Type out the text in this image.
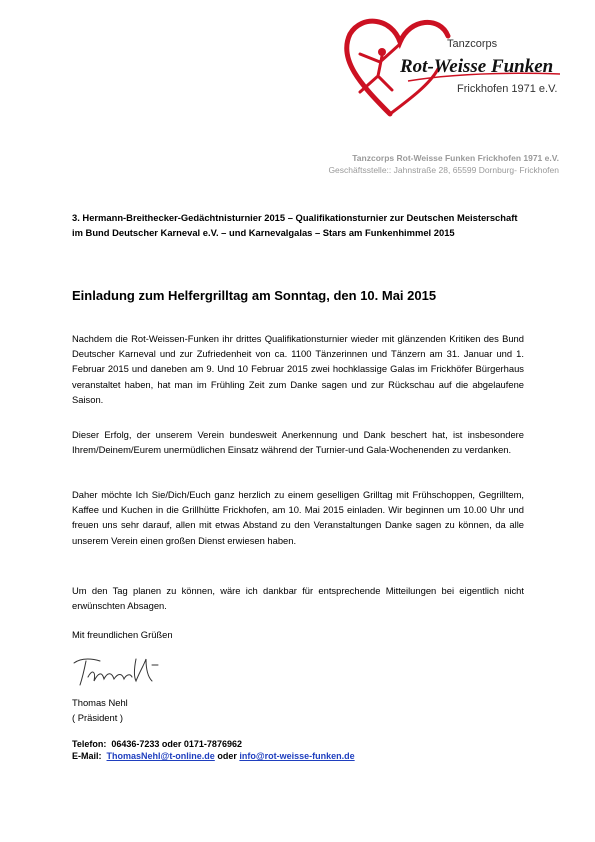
Tanzcorps
Rot-Weisse Funken
Frickhofen 1971 e.V.
Tanzcorps Rot-Weisse Funken Frickhofen 1971 e.V.
Geschäftsstelle:: Jahnstraße 28, 65599 Dornburg- Frickhofen
3. Hermann-Breithecker-Gedächtnisturnier 2015 – Qualifikationsturnier zur Deutschen Meisterschaft im Bund Deutscher Karneval e.V. – und Karnevalgalas – Stars am Funkenhimmel 2015
Einladung zum Helfergrilltag am Sonntag, den 10. Mai 2015
Nachdem die Rot-Weissen-Funken ihr drittes Qualifikationsturnier wieder mit glänzenden Kritiken des Bund Deutscher Karneval und zur Zufriedenheit von ca. 1100 Tänzerinnen und Tänzern am 31. Januar und 1. Februar 2015 und daneben am 9. Und 10 Februar 2015 zwei hochklassige Galas im Frickhöfer Bürgerhaus veranstaltet haben, hat man im Frühling Zeit zum Danke sagen und zur Rückschau auf die abgelaufene Saison.
Dieser Erfolg, der unserem Verein bundesweit Anerkennung und Dank beschert hat, ist insbesondere Ihrem/Deinem/Eurem unermüdlichen Einsatz während der Turnier-und Gala-Wochenenden zu verdanken.
Daher möchte Ich Sie/Dich/Euch ganz herzlich zu einem geselligen Grilltag mit Frühschoppen, Gegrilltem, Kaffee und Kuchen in die Grillhütte Frickhofen, am 10. Mai 2015 einladen. Wir beginnen um 10.00 Uhr und freuen uns sehr darauf, allen mit etwas Abstand zu den Veranstaltungen Danke sagen zu können, da alle unserem Verein einen großen Dienst erwiesen haben.
Um den Tag planen zu können, wäre ich dankbar für entsprechende Mitteilungen bei eigentlich nicht erwünschten Absagen.
Mit freundlichen Grüßen
Thomas Nehl
( Präsident )
Telefon: 06436-7233 oder 0171-7876962
E-Mail: ThomasNehl@t-online.de oder info@rot-weisse-funken.de
